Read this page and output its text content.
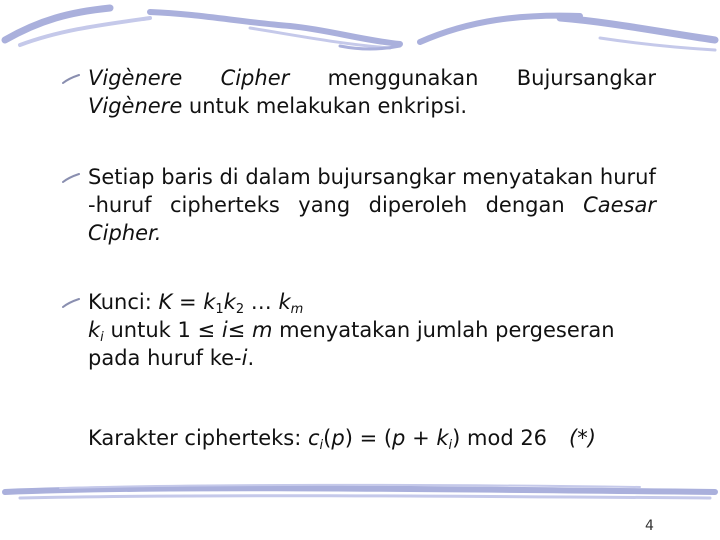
Vigènere Cipher menggunakan Bujursangkar
Vigènere untuk melakukan enkripsi.
Setiap baris di dalam bujursangkar menyatakan huruf
-huruf cipherteks yang diperoleh dengan Caesar
Cipher.
Kunci: $K = k_1k_2$ … $k_m$
$k_i$ untuk 1 ≤ i≤ m menyatakan jumlah pergeseran
pada huruf ke-i.
Karakter cipherteks: $c_i(p) = (p + k_i)$ mod 26 (*)
4
